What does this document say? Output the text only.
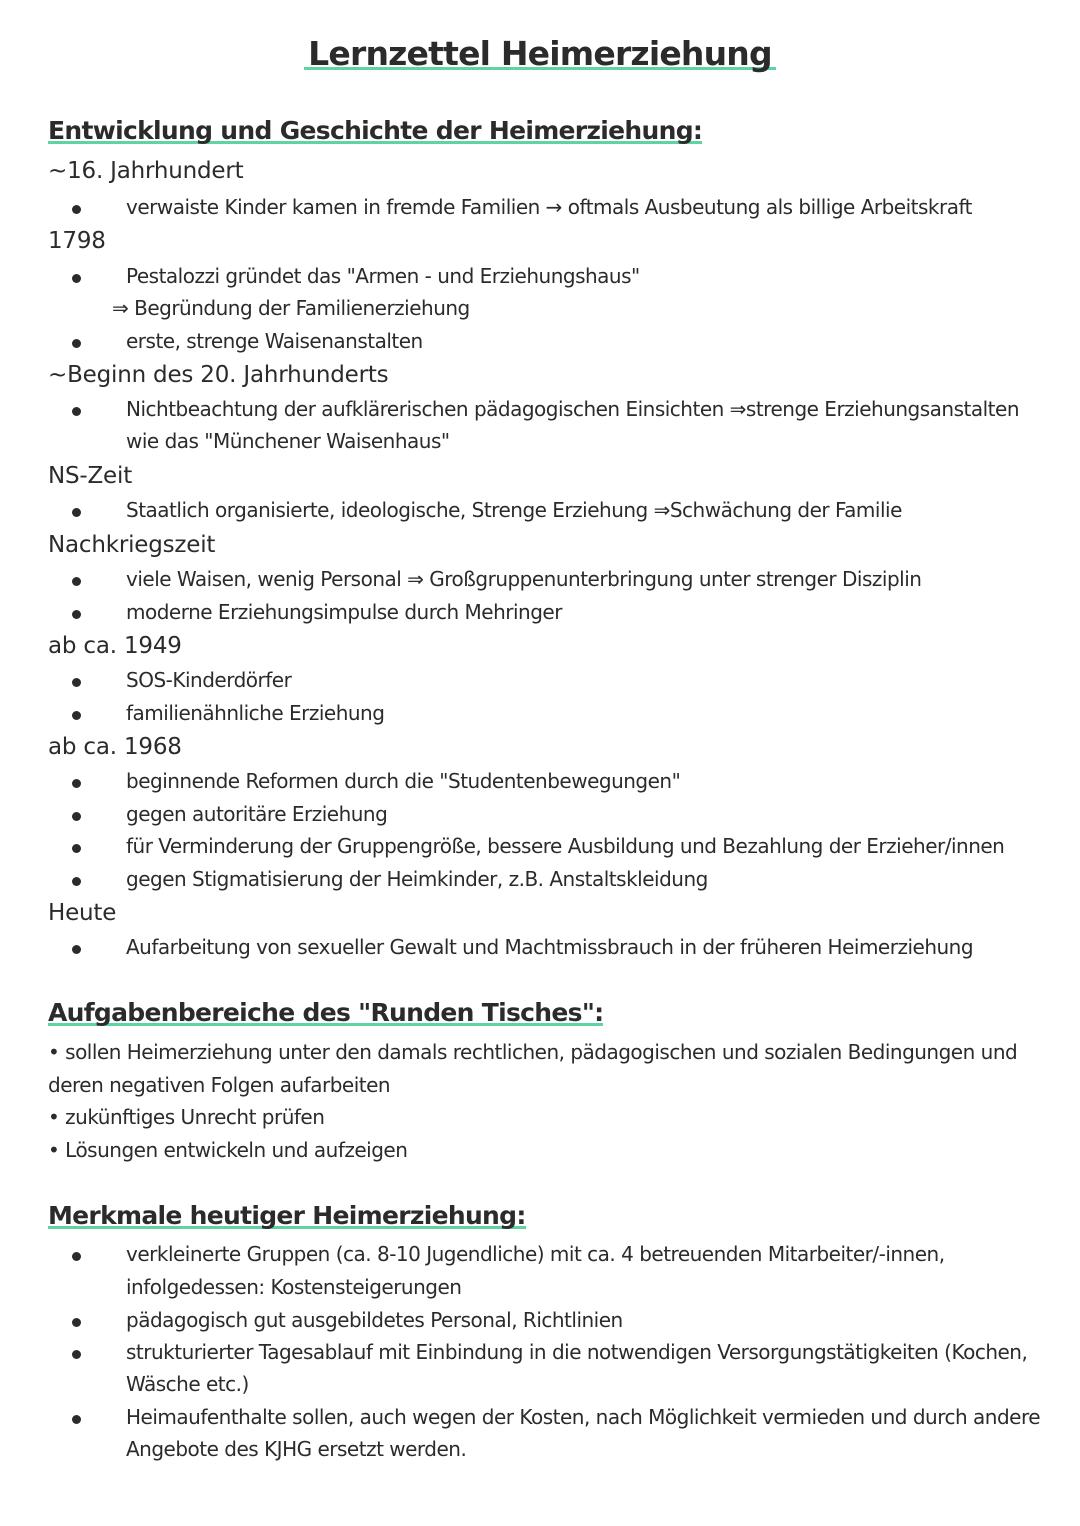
Lernzettel Heimerziehung
Entwicklung und Geschichte der Heimerziehung:
~16. Jahrhundert
verwaiste Kinder kamen in fremde Familien → oftmals Ausbeutung als billige Arbeitskraft
1798
Pestalozzi gründet das "Armen - und Erziehungshaus"
⇒ Begründung der Familienerziehung
erste, strenge Waisenanstalten
~Beginn des 20. Jahrhunderts
Nichtbeachtung der aufklärerischen pädagogischen Einsichten ⇒strenge Erziehungsanstalten
wie das "Münchener Waisenhaus"
NS-Zeit
Staatlich organisierte, ideologische, Strenge Erziehung ⇒Schwächung der Familie
Nachkriegszeit
viele Waisen, wenig Personal ⇒ Großgruppenunterbringung unter strenger Disziplin
moderne Erziehungsimpulse durch Mehringer
ab ca. 1949
SOS-Kinderdörfer
familienähnliche Erziehung
ab ca. 1968
beginnende Reformen durch die "Studentenbewegungen"
gegen autoritäre Erziehung
für Verminderung der Gruppengröße, bessere Ausbildung und Bezahlung der Erzieher/innen
gegen Stigmatisierung der Heimkinder, z.B. Anstaltskleidung
Heute
Aufarbeitung von sexueller Gewalt und Machtmissbrauch in der früheren Heimerziehung
Aufgabenbereiche des "Runden Tisches":
• sollen Heimerziehung unter den damals rechtlichen, pädagogischen und sozialen Bedingungen und
deren negativen Folgen aufarbeiten
• zukünftiges Unrecht prüfen
• Lösungen entwickeln und aufzeigen
Merkmale heutiger Heimerziehung:
verkleinerte Gruppen (ca. 8-10 Jugendliche) mit ca. 4 betreuenden Mitarbeiter/-innen,
infolgedessen: Kostensteigerungen
pädagogisch gut ausgebildetes Personal, Richtlinien
strukturierter Tagesablauf mit Einbindung in die notwendigen Versorgungstätigkeiten (Kochen,
Wäsche etc.)
Heimaufenthalte sollen, auch wegen der Kosten, nach Möglichkeit vermieden und durch andere
Angebote des KJHG ersetzt werden.
